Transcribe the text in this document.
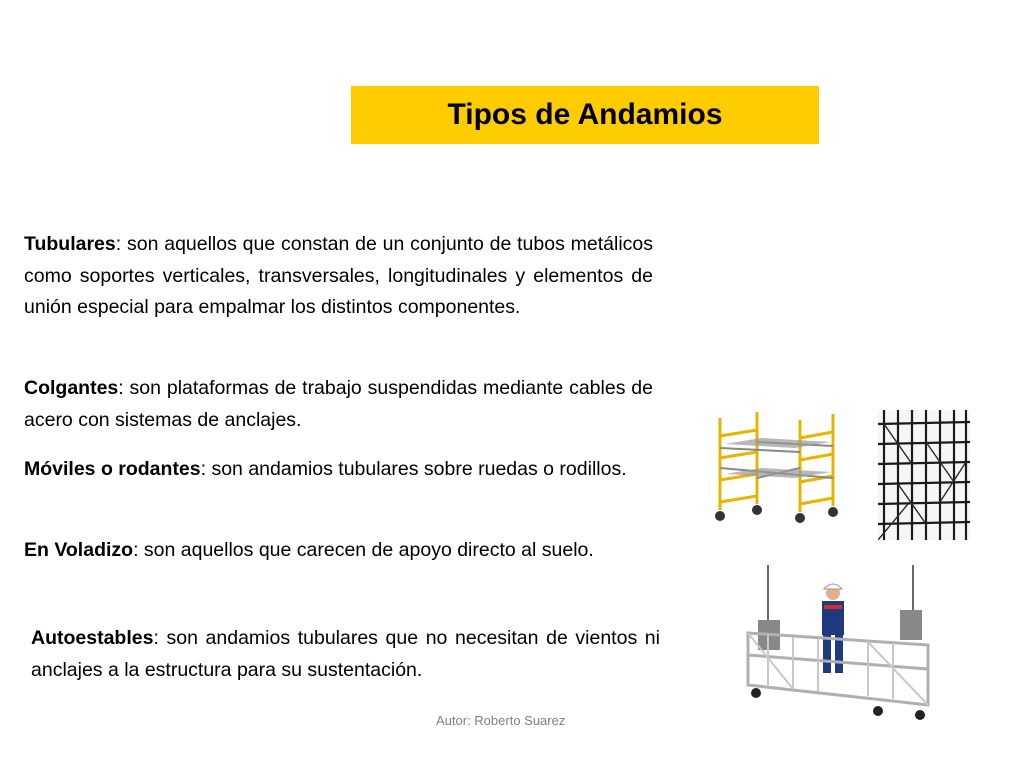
Tipos de Andamios
Tubulares: son aquellos que constan de un conjunto de tubos metálicos como soportes verticales, transversales, longitudinales y elementos de unión especial para empalmar los distintos componentes.
Colgantes: son plataformas de trabajo suspendidas mediante cables de acero con sistemas de anclajes.
Móviles o rodantes: son andamios tubulares sobre ruedas o rodillos.
En Voladizo: son aquellos que carecen de apoyo directo al suelo.
Autoestables: son andamios tubulares que no necesitan de vientos ni anclajes a la estructura para su sustentación.
Autor: Roberto Suarez
